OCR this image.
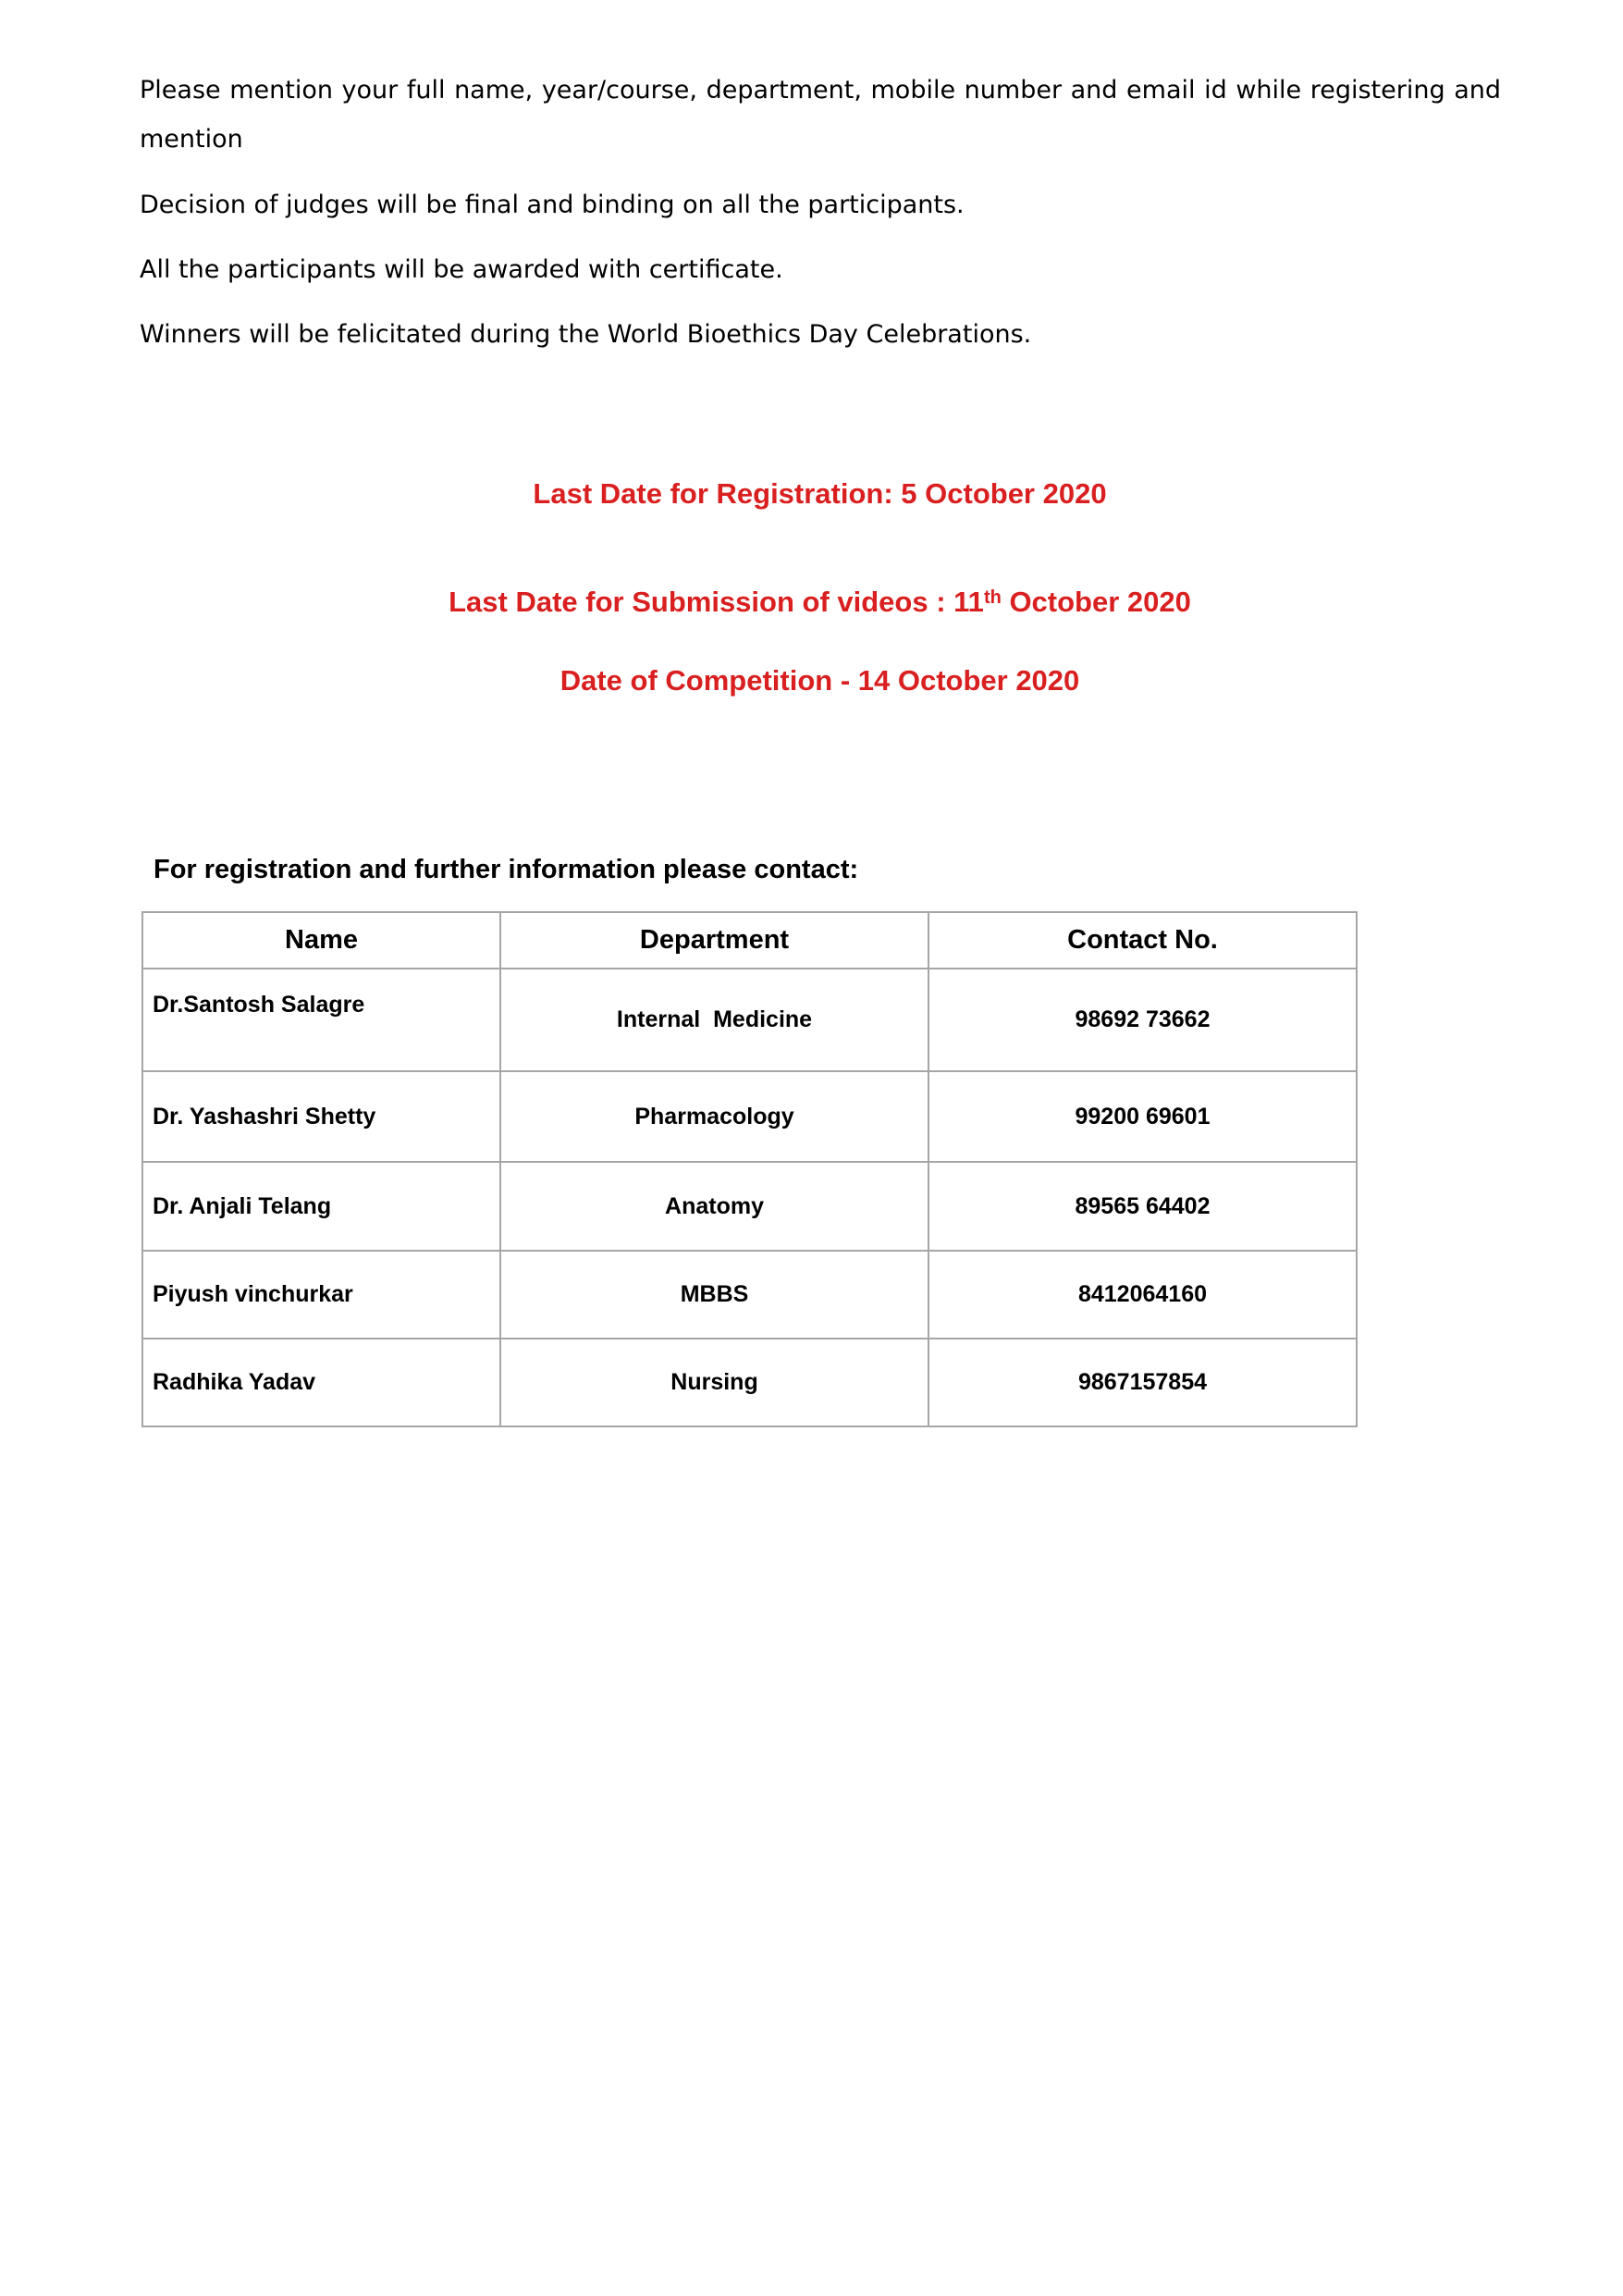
Please mention your full name, year/course, department, mobile number and email id while registering and mention

Decision of judges will be final and binding on all the participants.

All the participants will be awarded with certificate.

Winners will be felicitated during the World Bioethics Day Celebrations.

Last Date for Registration: 5 October 2020

Last Date for Submission of videos : 11th October 2020

Date of Competition - 14 October 2020

For registration and further information please contact:

Name	Department	Contact No.
Dr.Santosh Salagre	Internal  Medicine	98692 73662
Dr. Yashashri Shetty	Pharmacology	99200 69601
Dr. Anjali Telang	Anatomy	89565 64402
Piyush vinchurkar	MBBS	8412064160
Radhika Yadav	Nursing	9867157854
